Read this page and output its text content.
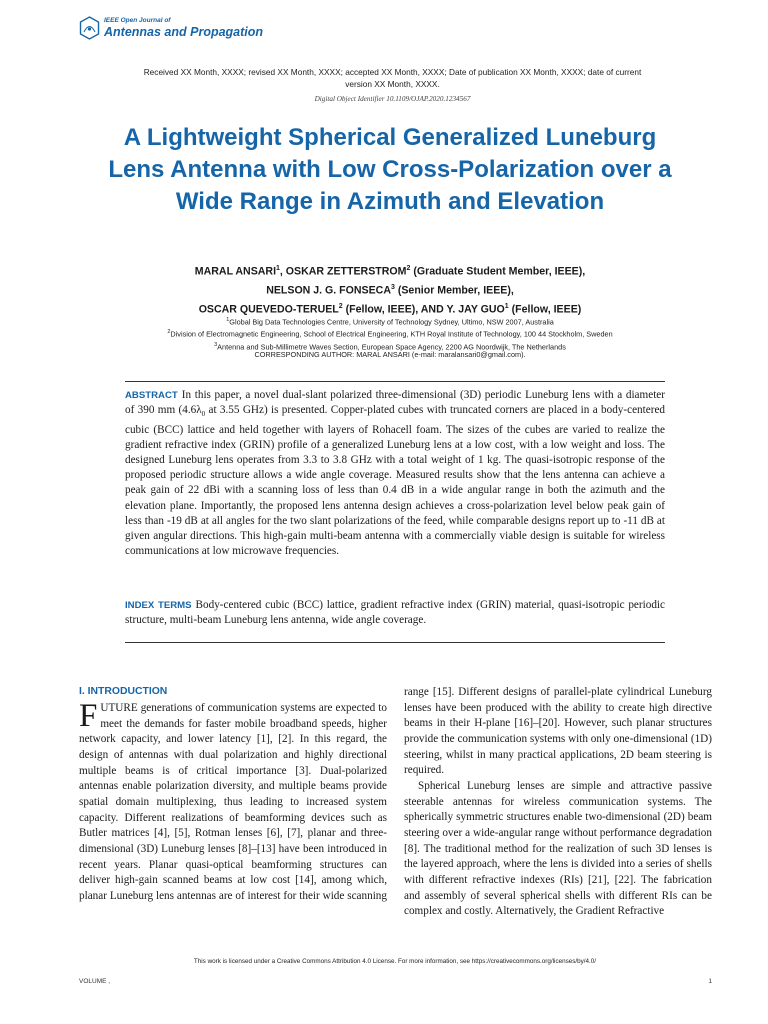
IEEE Open Journal of
Antennas and Propagation
Received XX Month, XXXX; revised XX Month, XXXX; accepted XX Month, XXXX; Date of publication XX Month, XXXX; date of current version XX Month, XXXX.
Digital Object Identifier 10.1109/OJAP.2020.1234567
A Lightweight Spherical Generalized Luneburg Lens Antenna with Low Cross-Polarization over a Wide Range in Azimuth and Elevation
MARAL ANSARI$^1$, OSKAR ZETTERSTROM$^2$ (Graduate Student Member, IEEE),
NELSON J. G. FONSECA$^3$ (Senior Member, IEEE),
OSCAR QUEVEDO-TERUEL$^2$ (Fellow, IEEE), AND Y. JAY GUO$^1$ (Fellow, IEEE)
$^1$Global Big Data Technologies Centre, University of Technology Sydney, Ultimo, NSW 2007, Australia
$^2$Division of Electromagnetic Engineering, School of Electrical Engineering, KTH Royal Institute of Technology, 100 44 Stockholm, Sweden
$^3$Antenna and Sub-Millimetre Waves Section, European Space Agency, 2200 AG Noordwijk, The Netherlands
CORRESPONDING AUTHOR: MARAL ANSARI (e-mail: maralansari0@gmail.com).
ABSTRACT In this paper, a novel dual-slant polarized three-dimensional (3D) periodic Luneburg lens with a diameter of 390 mm ($4.6\lambda_0$ at 3.55 GHz) is presented. Copper-plated cubes with truncated corners are placed in a body-centered cubic (BCC) lattice and held together with layers of Rohacell foam. The sizes of the cubes are varied to realize the gradient refractive index (GRIN) profile of a generalized Luneburg lens at a low cost, with a low weight and loss. The designed Luneburg lens operates from 3.3 to 3.8 GHz with a total weight of 1 kg. The quasi-isotropic response of the proposed periodic structure allows a wide angle coverage. Measured results show that the lens antenna can achieve a peak gain of 22 dBi with a scanning loss of less than 0.4 dB in a wide angular range in both the azimuth and the elevation plane. Importantly, the proposed lens antenna design achieves a cross-polarization level below peak gain of less than -19 dB at all angles for the two slant polarizations of the feed, while comparable designs report up to -11 dB at given angular directions. This high-gain multi-beam antenna with a commercially viable design is suitable for wireless communications at low microwave frequencies.
INDEX TERMS Body-centered cubic (BCC) lattice, gradient refractive index (GRIN) material, quasi-isotropic periodic structure, multi-beam Luneburg lens antenna, wide angle coverage.
I. INTRODUCTION

FUTURE generations of communication systems are expected to meet the demands for faster mobile broadband speeds, higher network capacity, and lower latency [1], [2]. In this regard, the design of antennas with dual polarization and highly directional multiple beams is of critical importance [3]. Dual-polarized antennas enable polarization diversity, and multiple beams provide spatial domain multiplexing, thus leading to increased system capacity. Different realizations of beamforming devices such as Butler matrices [4], [5], Rotman lenses [6], [7], planar and three-dimensional (3D) Luneburg lenses [8]–[13] have been introduced in recent years. Planar quasi-optical beamforming structures can deliver high-gain scanned beams at low cost [14], among which, planar Luneburg lens antennas are of interest for their wide scanning range [15]. Different designs of parallel-plate cylindrical Luneburg lenses have been produced with the ability to create high directive beams in their H-plane [16]–[20]. However, such planar structures provide the communication systems with only one-dimensional (1D) steering, whilst in many practical applications, 2D beam steering is required.

Spherical Luneburg lenses are simple and attractive passive steerable antennas for wireless communication systems. The spherically symmetric structures enable two-dimensional (2D) beam steering over a wide-angular range without performance degradation [8]. The traditional method for the realization of such 3D lenses is the layered approach, where the lens is divided into a series of shells with different refractive indexes (RIs) [21], [22]. The fabrication and assembly of several spherical shells with different RIs can be complex and costly. Alternatively, the Gradient Refractive

This work is licensed under a Creative Commons Attribution 4.0 License. For more information, see https://creativecommons.org/licenses/by/4.0/
VOLUME ,	1
